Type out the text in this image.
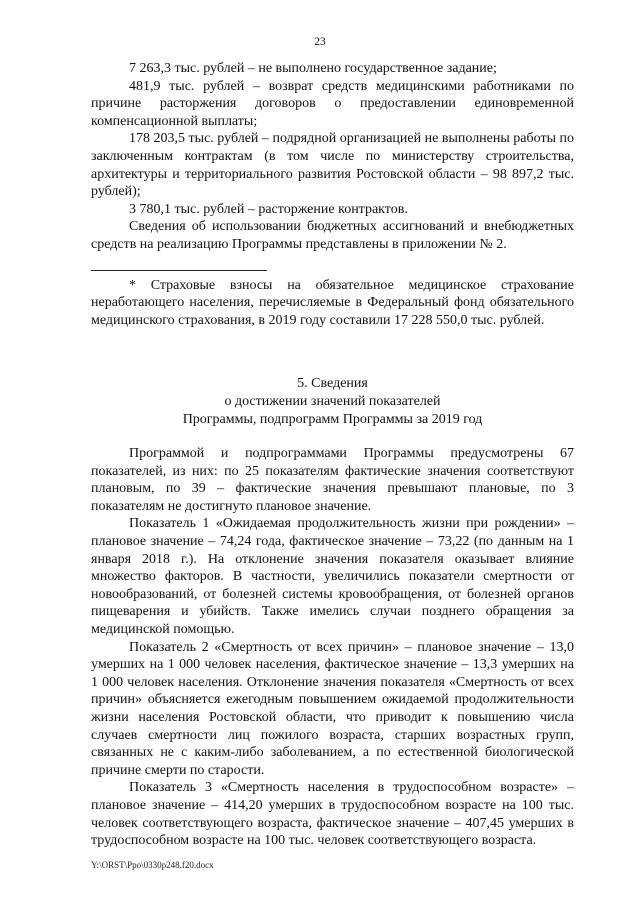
23

7 263,3 тыс. рублей – не выполнено государственное задание;

481,9 тыс. рублей – возврат средств медицинскими работниками по причине расторжения договоров о предоставлении единовременной компенсационной выплаты;

178 203,5 тыс. рублей – подрядной организацией не выполнены работы по заключенным контрактам (в том числе по министерству строительства, архитектуры и территориального развития Ростовской области – 98 897,2 тыс. рублей);

3 780,1 тыс. рублей – расторжение контрактов.

Сведения об использовании бюджетных ассигнований и внебюджетных средств на реализацию Программы представлены в приложении № 2.

* Страховые взносы на обязательное медицинское страхование неработающего населения, перечисляемые в Федеральный фонд обязательного медицинского страхования, в 2019 году составили 17 228 550,0 тыс. рублей.

5. Сведения

о достижении значений показателей

Программы, подпрограмм Программы за 2019 год

Программой и подпрограммами Программы предусмотрены 67 показателей, из них: по 25 показателям фактические значения соответствуют плановым, по 39 – фактические значения превышают плановые, по 3 показателям не достигнуто плановое значение.

Показатель 1 «Ожидаемая продолжительность жизни при рождении» – плановое значение – 74,24 года, фактическое значение – 73,22 (по данным на 1 января 2018 г.). На отклонение значения показателя оказывает влияние множество факторов. В частности, увеличились показатели смертности от новообразований, от болезней системы кровообращения, от болезней органов пищеварения и убийств. Также имелись случаи позднего обращения за медицинской помощью.

Показатель 2 «Смертность от всех причин» – плановое значение – 13,0 умерших на 1 000 человек населения, фактическое значение – 13,3 умерших на 1 000 человек населения. Отклонение значения показателя «Смертность от всех причин» объясняется ежегодным повышением ожидаемой продолжительности жизни населения Ростовской области, что приводит к повышению числа случаев смертности лиц пожилого возраста, старших возрастных групп, связанных не с каким-либо заболеванием, а по естественной биологической причине смерти по старости.

Показатель 3 «Смертность населения в трудоспособном возрасте» – плановое значение – 414,20 умерших в трудоспособном возрасте на 100 тыс. человек соответствующего возраста, фактическое значение – 407,45 умерших в трудоспособном возрасте на 100 тыс. человек соответствующего возраста.

Y:\ORST\Ppo\0330p248.f20.docx
